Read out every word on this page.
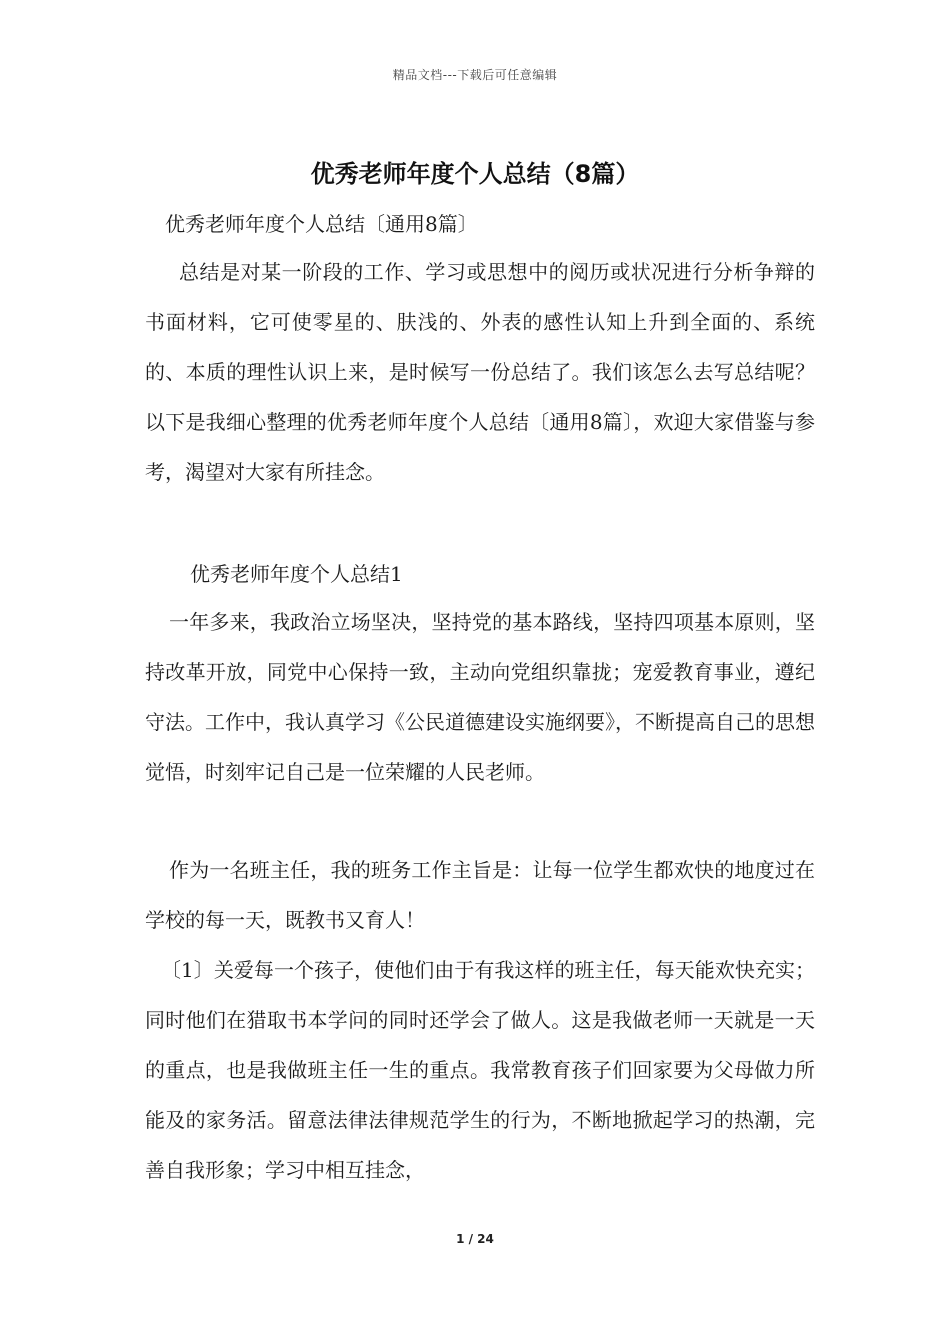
精品文档---下载后可任意编辑
优秀老师年度个人总结（8篇）

优秀老师年度个人总结〔通用8篇〕

总结是对某一阶段的工作、学习或思想中的阅历或状况进行分析争辩的书面材料，它可使零星的、肤浅的、外表的感性认知上升到全面的、系统的、本质的理性认识上来，是时候写一份总结了。我们该怎么去写总结呢？以下是我细心整理的优秀老师年度个人总结〔通用8篇〕，欢迎大家借鉴与参考，渴望对大家有所挂念。

优秀老师年度个人总结1

一年多来，我政治立场坚决，坚持党的基本路线，坚持四项基本原则，坚持改革开放，同党中心保持一致，主动向党组织靠拢；宠爱教育事业，遵纪守法。工作中，我认真学习《公民道德建设实施纲要》，不断提高自己的思想觉悟，时刻牢记自己是一位荣耀的人民老师。

作为一名班主任，我的班务工作主旨是：让每一位学生都欢快的地度过在学校的每一天，既教书又育人！

〔1〕关爱每一个孩子，使他们由于有我这样的班主任，每天能欢快充实；同时他们在猎取书本学问的同时还学会了做人。这是我做老师一天就是一天的重点，也是我做班主任一生的重点。我常教育孩子们回家要为父母做力所能及的家务活。留意法律法律规范学生的行为，不断地掀起学习的热潮，完善自我形象；学习中相互挂念，

1 / 24
